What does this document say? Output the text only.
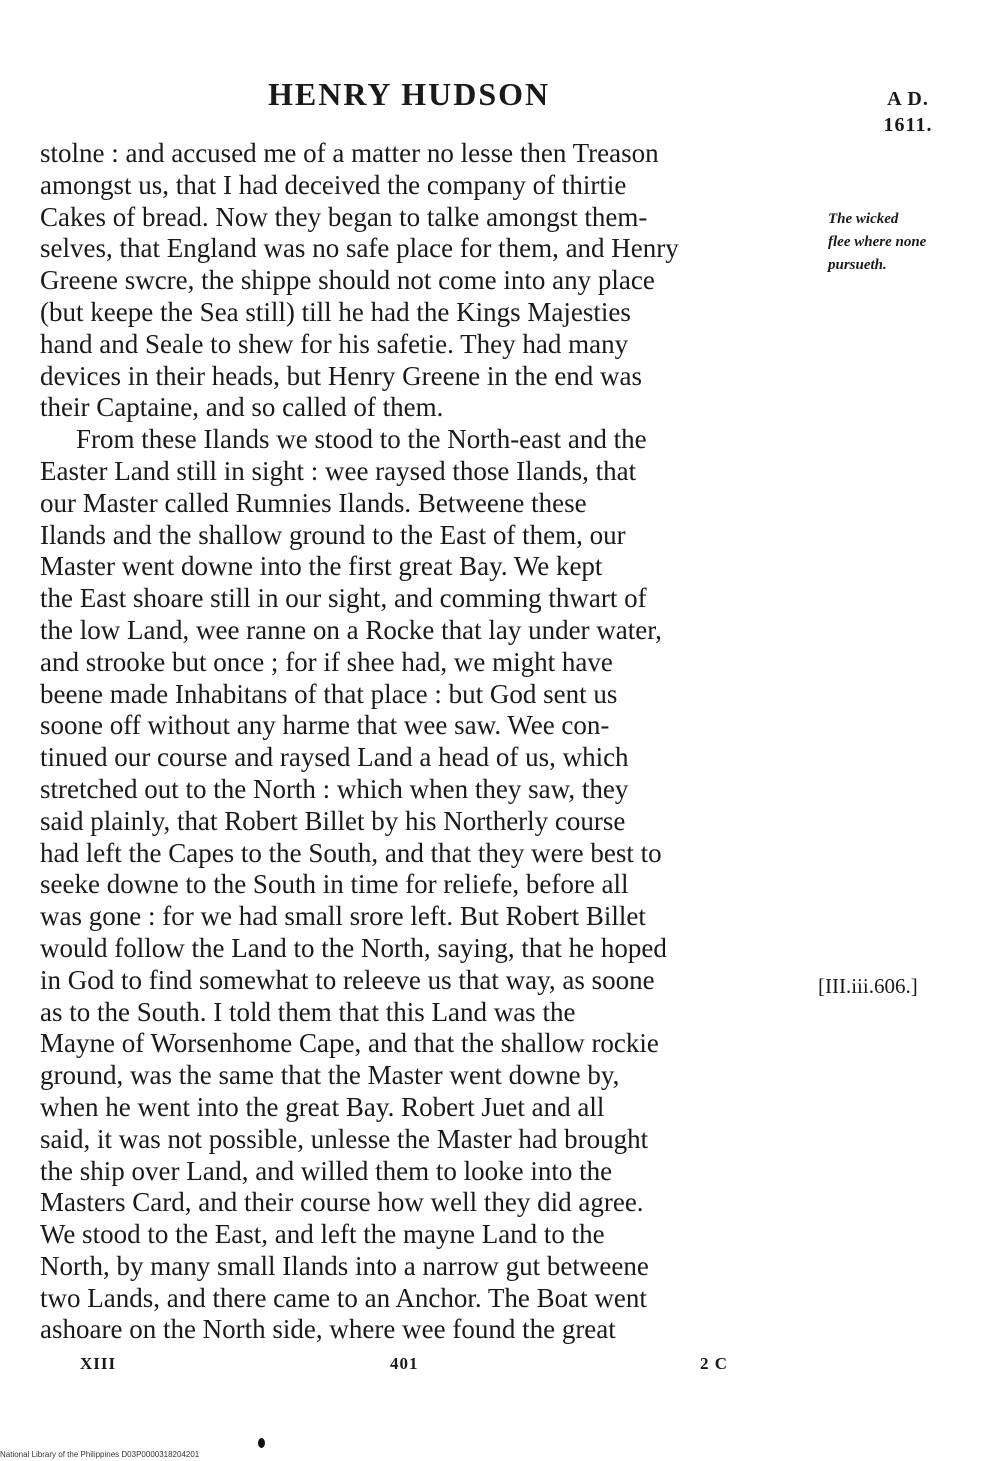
HENRY HUDSON	A D.
1611.
stolne : and accused me of a matter no lesse then Treason
amongst us, that I had deceived the company of thirtie
Cakes of bread. Now they began to talke amongst them-
selves, that England was no safe place for them, and Henry
Greene swcre, the shippe should not come into any place
(but keepe the Sea still) till he had the Kings Majesties
hand and Seale to shew for his safetie. They had many
devices in their heads, but Henry Greene in the end was
their Captaine, and so called of them.
From these Ilands we stood to the North-east and the
Easter Land still in sight : wee raysed those Ilands, that
our Master called Rumnies Ilands. Betweene these
Ilands and the shallow ground to the East of them, our
Master went downe into the first great Bay. We kept
the East shoare still in our sight, and comming thwart of
the low Land, wee ranne on a Rocke that lay under water,
and strooke but once ; for if shee had, we might have
beene made Inhabitans of that place : but God sent us
soone off without any harme that wee saw. Wee con-
tinued our course and raysed Land a head of us, which
stretched out to the North : which when they saw, they
said plainly, that Robert Billet by his Northerly course
had left the Capes to the South, and that they were best to
seeke downe to the South in time for reliefe, before all
was gone : for we had small srore left. But Robert Billet
would follow the Land to the North, saying, that he hoped
in God to find somewhat to releeve us that way, as soone
as to the South. I told them that this Land was the
Mayne of Worsenhome Cape, and that the shallow rockie
ground, was the same that the Master went downe by,
when he went into the great Bay. Robert Juet and all
said, it was not possible, unlesse the Master had brought
the ship over Land, and willed them to looke into the
Masters Card, and their course how well they did agree.
We stood to the East, and left the mayne Land to the
North, by many small Ilands into a narrow gut betweene
two Lands, and there came to an Anchor. The Boat went
ashoare on the North side, where wee found the great
The wicked
flee where none
pursueth.
[III.iii.606.]
XIII	401	2 C
National Library of the Philippines D03P0000318204201
